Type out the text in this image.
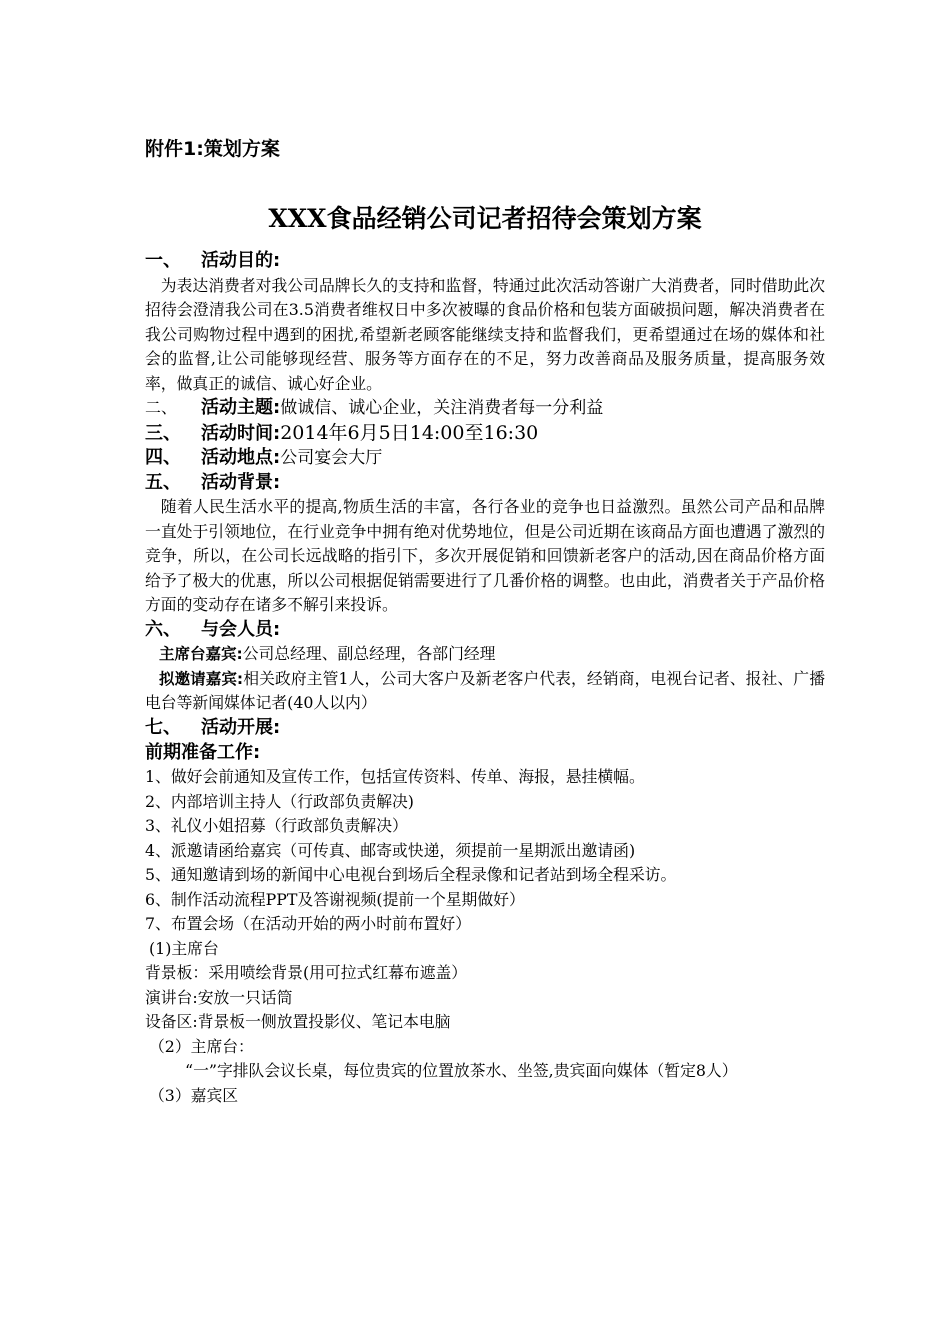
附件1:策划方案

XXX食品经销公司记者招待会策划方案

一、 活动目的:

为表达消费者对我公司品牌长久的支持和监督，特通过此次活动答谢广大消费者，同时借助此次招待会澄清我公司在3.5消费者维权日中多次被曝的食品价格和包装方面破损问题，解决消费者在我公司购物过程中遇到的困扰,希望新老顾客能继续支持和监督我们，更希望通过在场的媒体和社会的监督,让公司能够现经营、服务等方面存在的不足，努力改善商品及服务质量，提高服务效率，做真正的诚信、诚心好企业。

二、 活动主题:做诚信、诚心企业，关注消费者每一分利益

三、 活动时间:2014年6月5日14:00至16:30

四、 活动地点:公司宴会大厅

五、 活动背景:

随着人民生活水平的提高,物质生活的丰富，各行各业的竞争也日益激烈。虽然公司产品和品牌一直处于引领地位，在行业竞争中拥有绝对优势地位，但是公司近期在该商品方面也遭遇了激烈的竞争，所以，在公司长远战略的指引下，多次开展促销和回馈新老客户的活动,因在商品价格方面给予了极大的优惠，所以公司根据促销需要进行了几番价格的调整。也由此，消费者关于产品价格方面的变动存在诸多不解引来投诉。

六、 与会人员:

主席台嘉宾:公司总经理、副总经理，各部门经理

拟邀请嘉宾:相关政府主管1人，公司大客户及新老客户代表，经销商，电视台记者、报社、广播电台等新闻媒体记者(40人以内）

七、 活动开展:

前期准备工作:

1、做好会前通知及宣传工作，包括宣传资料、传单、海报，悬挂横幅。

2、内部培训主持人（行政部负责解决)

3、礼仪小姐招募（行政部负责解决）

4、派邀请函给嘉宾（可传真、邮寄或快递，须提前一星期派出邀请函)

5、通知邀请到场的新闻中心电视台到场后全程录像和记者站到场全程采访。

6、制作活动流程PPT及答谢视频(提前一个星期做好）

7、布置会场（在活动开始的两小时前布置好）

(1)主席台

背景板：采用喷绘背景(用可拉式红幕布遮盖）

演讲台:安放一只话筒

设备区:背景板一侧放置投影仪、笔记本电脑

（2）主席台：

“一”字排队会议长桌，每位贵宾的位置放茶水、坐签,贵宾面向媒体（暂定8人）

（3）嘉宾区
